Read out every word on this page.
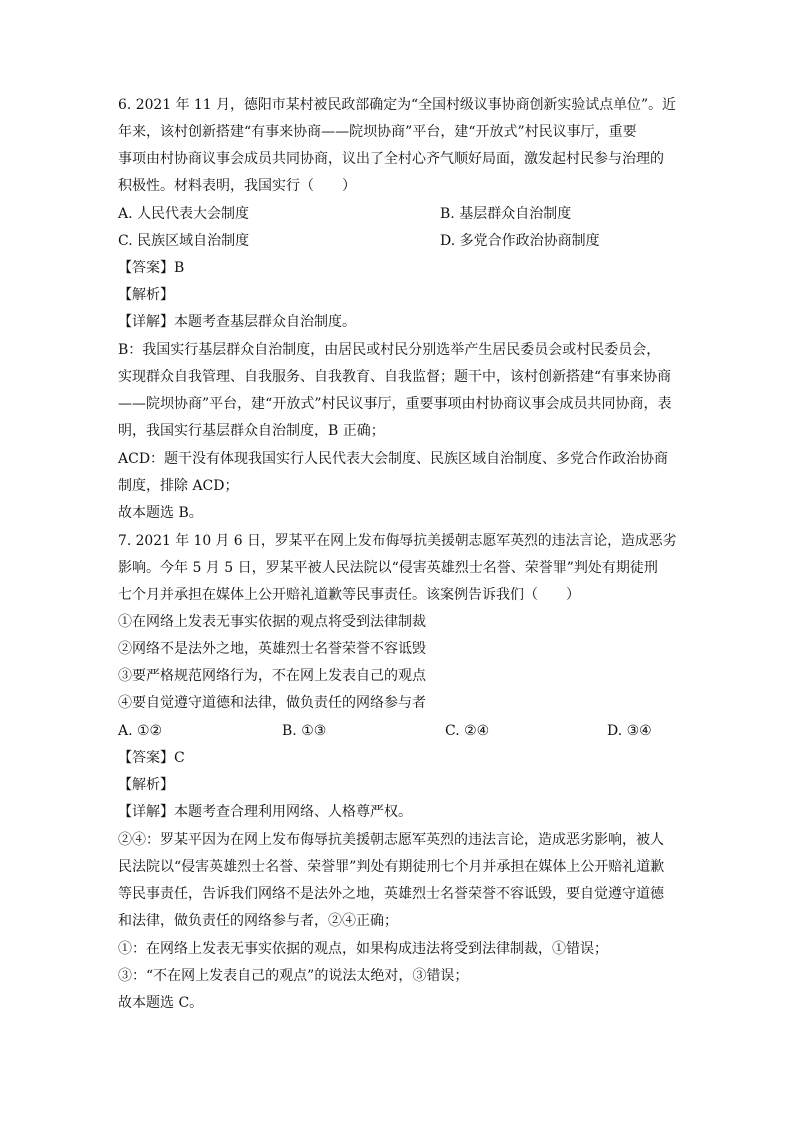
6. 2021 年 11 月，德阳市某村被民政部确定为“全国村级议事协商创新实验试点单位”。近
年来，该村创新搭建“有事来协商——院坝协商”平台，建“开放式”村民议事厅，重要
事项由村协商议事会成员共同协商，议出了全村心齐气顺好局面，激发起村民参与治理的
积极性。材料表明，我国实行（　　）
A. 人民代表大会制度	B. 基层群众自治制度
C. 民族区域自治制度	D. 多党合作政治协商制度
【答案】B
【解析】
【详解】本题考查基层群众自治制度。
B：我国实行基层群众自治制度，由居民或村民分别选举产生居民委员会或村民委员会，
实现群众自我管理、自我服务、自我教育、自我监督；题干中，该村创新搭建“有事来协商
——院坝协商”平台，建“开放式”村民议事厅，重要事项由村协商议事会成员共同协商，表
明，我国实行基层群众自治制度，B 正确；
ACD：题干没有体现我国实行人民代表大会制度、民族区域自治制度、多党合作政治协商
制度，排除 ACD；
故本题选 B。
7. 2021 年 10 月 6 日，罗某平在网上发布侮辱抗美援朝志愿军英烈的违法言论，造成恶劣
影响。今年 5 月 5 日，罗某平被人民法院以“侵害英雄烈士名誉、荣誉罪”判处有期徒刑
七个月并承担在媒体上公开赔礼道歉等民事责任。该案例告诉我们（　　）
①在网络上发表无事实依据的观点将受到法律制裁
②网络不是法外之地，英雄烈士名誉荣誉不容诋毁
③要严格规范网络行为，不在网上发表自己的观点
④要自觉遵守道德和法律，做负责任的网络参与者
A. ①②	B. ①③	C. ②④	D. ③④
【答案】C
【解析】
【详解】本题考查合理利用网络、人格尊严权。
②④：罗某平因为在网上发布侮辱抗美援朝志愿军英烈的违法言论，造成恶劣影响，被人
民法院以“侵害英雄烈士名誉、荣誉罪”判处有期徒刑七个月并承担在媒体上公开赔礼道歉
等民事责任，告诉我们网络不是法外之地，英雄烈士名誉荣誉不容诋毁，要自觉遵守道德
和法律，做负责任的网络参与者，②④正确；
①：在网络上发表无事实依据的观点，如果构成违法将受到法律制裁，①错误；
③：“不在网上发表自己的观点”的说法太绝对，③错误；
故本题选 C。
